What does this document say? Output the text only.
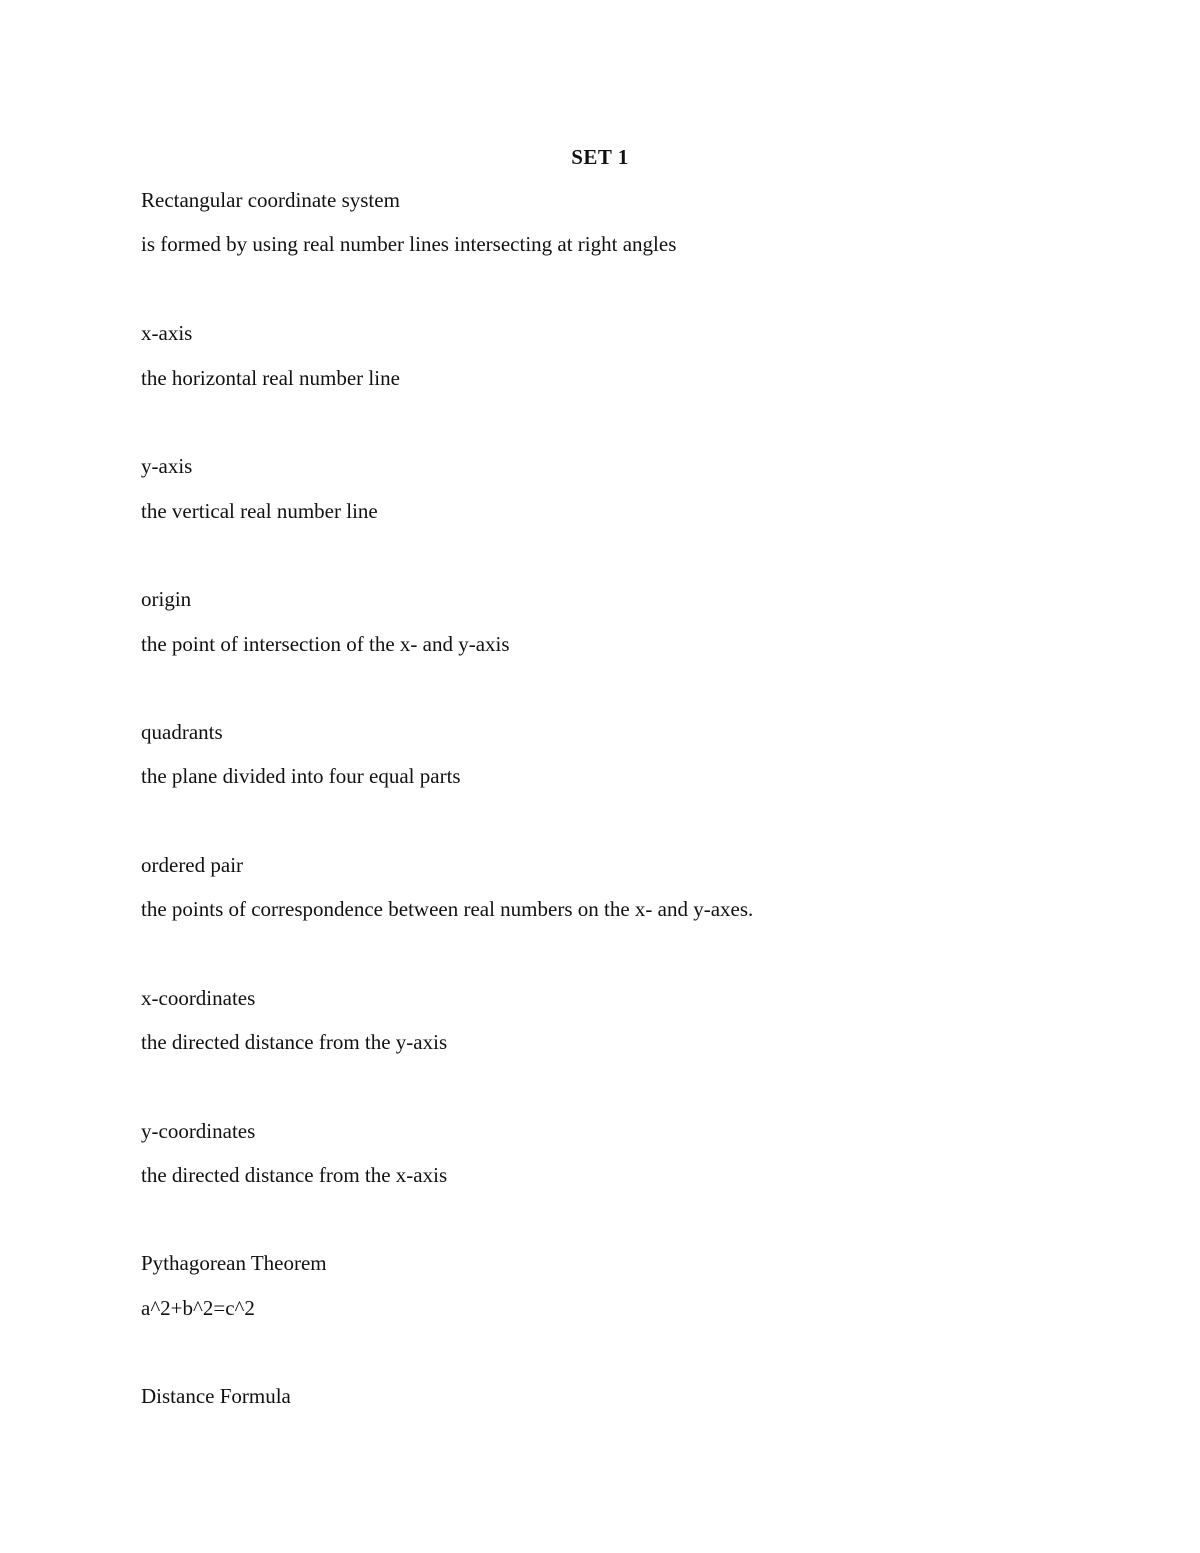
SET 1
Rectangular coordinate system
is formed by using real number lines intersecting at right angles
x-axis
the horizontal real number line
y-axis
the vertical real number line
origin
the point of intersection of the x- and y-axis
quadrants
the plane divided into four equal parts
ordered pair
the points of correspondence between real numbers on the x- and y-axes.
x-coordinates
the directed distance from the y-axis
y-coordinates
the directed distance from the x-axis
Pythagorean Theorem
a^2+b^2=c^2
Distance Formula
